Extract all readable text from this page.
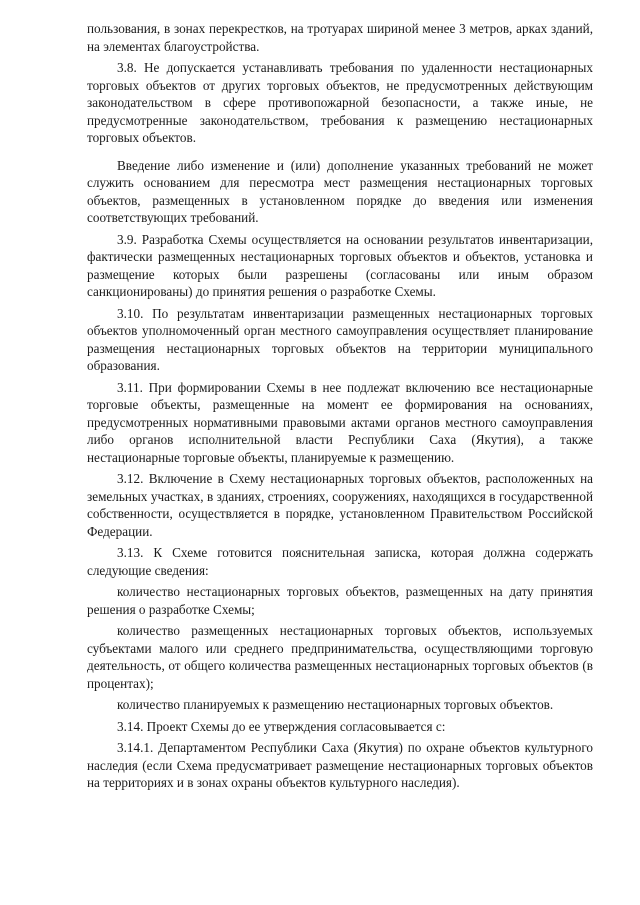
пользования, в зонах перекрестков, на тротуарах шириной менее 3 метров, арках зданий, на элементах благоустройства.

3.8. Не допускается устанавливать требования по удаленности нестационарных торговых объектов от других торговых объектов, не предусмотренных действующим законодательством в сфере противопожарной безопасности, а также иные, не предусмотренные законодательством, требования к размещению нестационарных торговых объектов.

Введение либо изменение и (или) дополнение указанных требований не может служить основанием для пересмотра мест размещения нестационарных торговых объектов, размещенных в установленном порядке до введения или изменения соответствующих требований.

3.9. Разработка Схемы осуществляется на основании результатов инвентаризации, фактически размещенных нестационарных торговых объектов и объектов, установка и размещение которых были разрешены (согласованы или иным образом санкционированы) до принятия решения о разработке Схемы.

3.10. По результатам инвентаризации размещенных нестационарных торговых объектов уполномоченный орган местного самоуправления осуществляет планирование размещения нестационарных торговых объектов на территории муниципального образования.

3.11. При формировании Схемы в нее подлежат включению все нестационарные торговые объекты, размещенные на момент ее формирования на основаниях, предусмотренных нормативными правовыми актами органов местного самоуправления либо органов исполнительной власти Республики Саха (Якутия), а также нестационарные торговые объекты, планируемые к размещению.

3.12. Включение в Схему нестационарных торговых объектов, расположенных на земельных участках, в зданиях, строениях, сооружениях, находящихся в государственной собственности, осуществляется в порядке, установленном Правительством Российской Федерации.

3.13. К Схеме готовится пояснительная записка, которая должна содержать следующие сведения:

количество нестационарных торговых объектов, размещенных на дату принятия решения о разработке Схемы;

количество размещенных нестационарных торговых объектов, используемых субъектами малого или среднего предпринимательства, осуществляющими торговую деятельность, от общего количества размещенных нестационарных торговых объектов (в процентах);

количество планируемых к размещению нестационарных торговых объектов.

3.14. Проект Схемы до ее утверждения согласовывается с:

3.14.1. Департаментом Республики Саха (Якутия) по охране объектов культурного наследия (если Схема предусматривает размещение нестационарных торговых объектов на территориях и в зонах охраны объектов культурного наследия).
